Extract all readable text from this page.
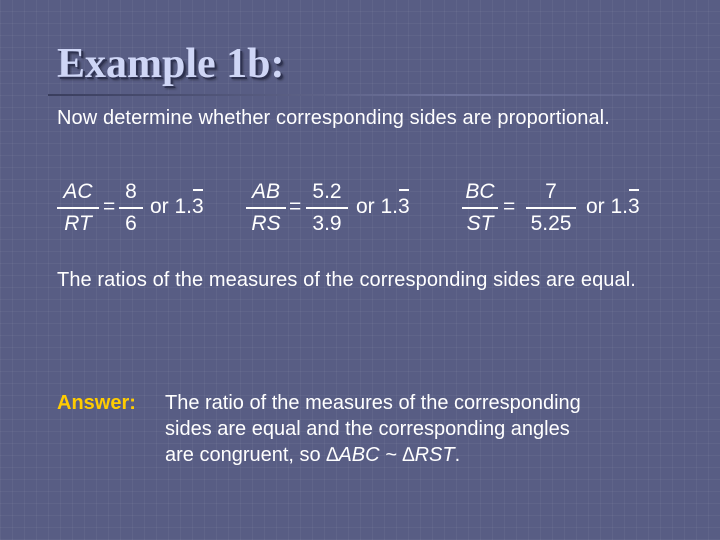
Example 1b:
Now determine whether corresponding sides are proportional.
AC
RT
=
8
6
or 1.3
AB
RS
=
5.2
3.9
or 1.3
BC
ST
=
7
5.25
or 1.3
The ratios of the measures of the corresponding sides are equal.
Answer: The ratio of the measures of the corresponding
sides are equal and the corresponding angles
are congruent, so ∆ABC ~ ∆RST.
